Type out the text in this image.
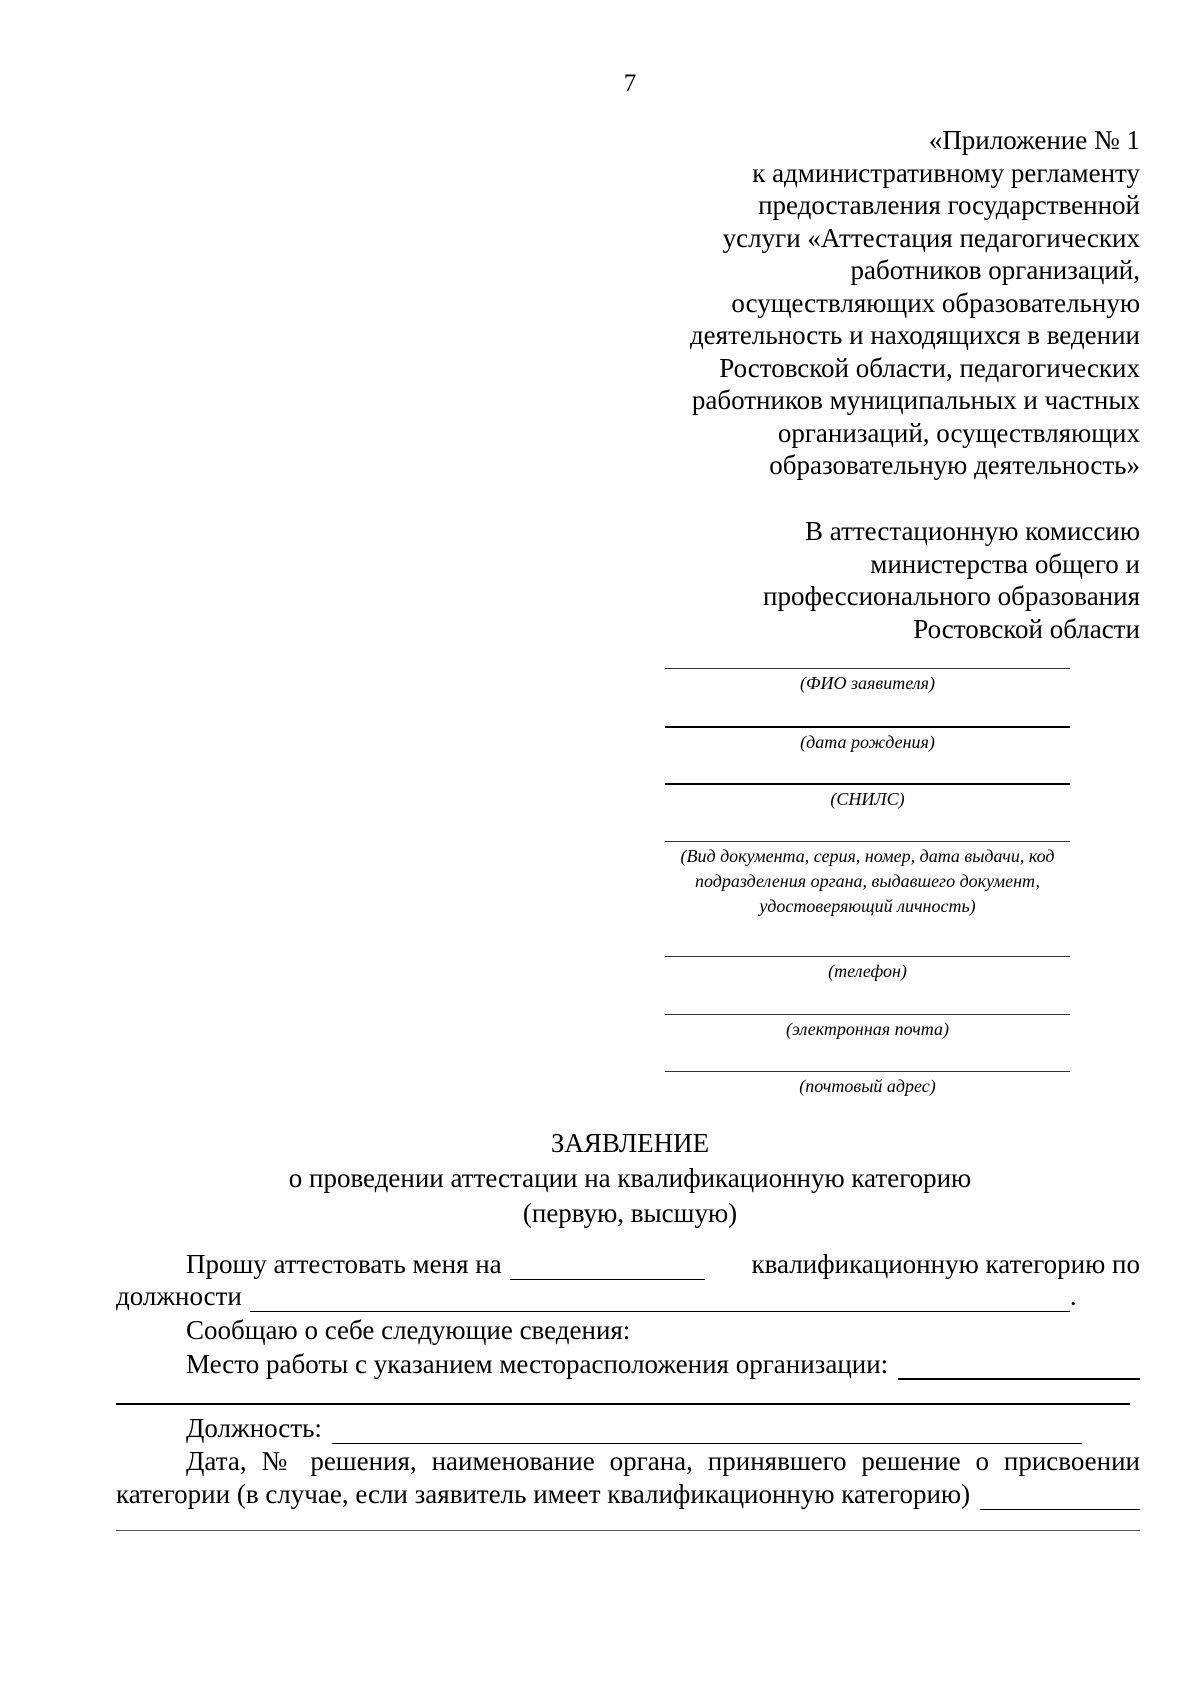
7
«Приложение № 1
к административному регламенту
предоставления государственной
услуги «Аттестация педагогических
работников организаций,
осуществляющих образовательную
деятельность и находящихся в ведении
Ростовской области, педагогических
работников муниципальных и частных
организаций, осуществляющих
образовательную деятельность»
В аттестационную комиссию
министерства общего и
профессионального образования
Ростовской области
(ФИО заявителя)
(дата рождения)
(СНИЛС)
(Вид документа, серия, номер, дата выдачи, код
подразделения органа, выдавшего документ,
удостоверяющий личность)
(телефон)
(электронная почта)
(почтовый адрес)
ЗАЯВЛЕНИЕ
о проведении аттестации на квалификационную категорию
(первую, высшую)
Прошу аттестовать меня на	квалификационную категорию по
должности	.
Сообщаю о себе следующие сведения:
Место работы с указанием месторасположения организации:
Должность:
Дата, № решения, наименование органа, принявшего решение о присвоении
категории (в случае, если заявитель имеет квалификационную категорию)
